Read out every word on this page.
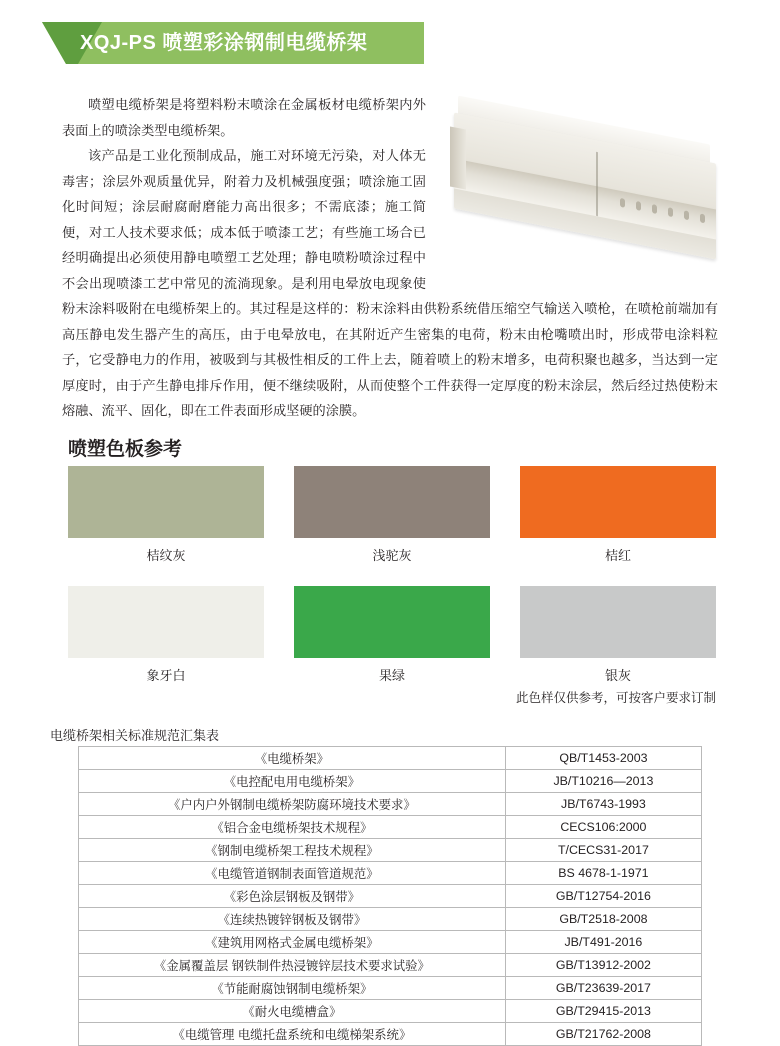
XQJ-PS 喷塑彩涂钢制电缆桥架

喷塑电缆桥架是将塑料粉末喷涂在金属板材电缆桥架内外表面上的喷涂类型电缆桥架。

该产品是工业化预制成品，施工对环境无污染，对人体无毒害；涂层外观质量优异，附着力及机械强度强；喷涂施工固化时间短；涂层耐腐耐磨能力高出很多；不需底漆；施工简便，对工人技术要求低；成本低于喷漆工艺；有些施工场合已经明确提出必须使用静电喷塑工艺处理；静电喷粉喷涂过程中不会出现喷漆工艺中常见的流淌现象。是利用电晕放电现象使粉末涂料吸附在电缆桥架上的。其过程是这样的：粉末涂料由供粉系统借压缩空气输送入喷枪，在喷枪前端加有高压静电发生器产生的高压，由于电晕放电，在其附近产生密集的电荷，粉末由枪嘴喷出时，形成带电涂料粒子，它受静电力的作用，被吸到与其极性相反的工件上去，随着喷上的粉末增多，电荷积聚也越多，当达到一定厚度时，由于产生静电排斥作用，便不继续吸附，从而使整个工件获得一定厚度的粉末涂层，然后经过热使粉末熔融、流平、固化，即在工件表面形成坚硬的涂膜。

喷塑色板参考
桔纹灰	浅驼灰	桔红
象牙白	果绿	银灰
此色样仅供参考，可按客户要求订制
电缆桥架相关标准规范汇集表
《电缆桥架》	QB/T1453-2003
《电控配电用电缆桥架》	JB/T10216—2013
《户内户外钢制电缆桥架防腐环境技术要求》	JB/T6743-1993
《铝合金电缆桥架技术规程》	CECS106:2000
《钢制电缆桥架工程技术规程》	T/CECS31-2017
《电缆管道钢制表面管道规范》	BS 4678-1-1971
《彩色涂层钢板及钢带》	GB/T12754-2016
《连续热镀锌钢板及钢带》	GB/T2518-2008
《建筑用网格式金属电缆桥架》	JB/T491-2016
《金属覆盖层 钢铁制件热浸镀锌层技术要求试验》	GB/T13912-2002
《节能耐腐蚀钢制电缆桥架》	GB/T23639-2017
《耐火电缆槽盒》	GB/T29415-2013
《电缆管理 电缆托盘系统和电缆梯架系统》	GB/T21762-2008
